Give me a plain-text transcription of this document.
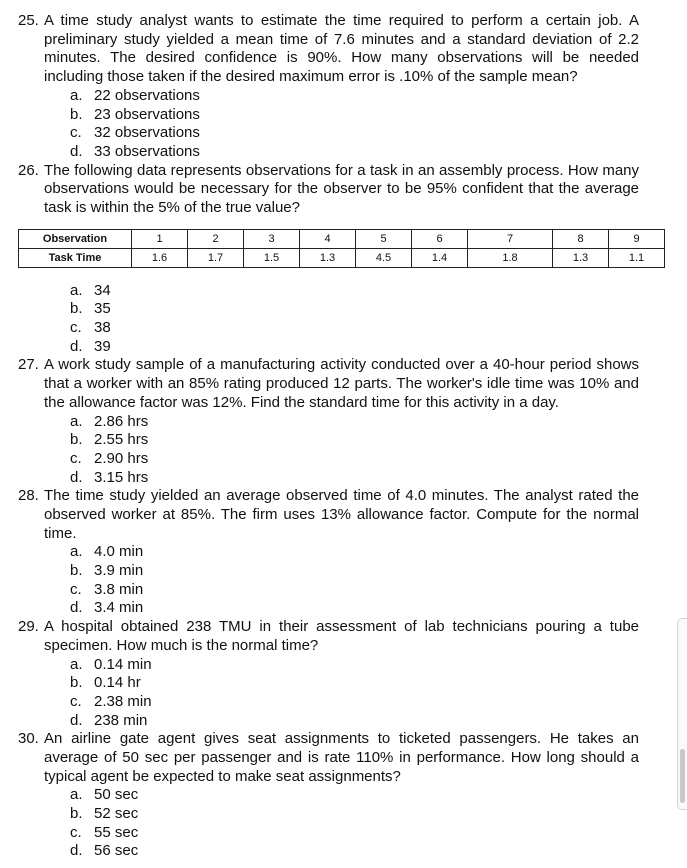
25. A time study analyst wants to estimate the time required to perform a certain job. A preliminary study yielded a mean time of 7.6 minutes and a standard deviation of 2.2 minutes. The desired confidence is 90%. How many observations will be needed including those taken if the desired maximum error is .10% of the sample mean?
a. 22 observations
b. 23 observations
c. 32 observations
d. 33 observations
26. The following data represents observations for a task in an assembly process. How many observations would be necessary for the observer to be 95% confident that the average task is within the 5% of the true value?
Observation	1	2	3	4	5	6	7	8	9
Task Time	1.6	1.7	1.5	1.3	4.5	1.4	1.8	1.3	1.1
a. 34
b. 35
c. 38
d. 39
27. A work study sample of a manufacturing activity conducted over a 40-hour period shows that a worker with an 85% rating produced 12 parts. The worker's idle time was 10% and the allowance factor was 12%. Find the standard time for this activity in a day.
a. 2.86 hrs
b. 2.55 hrs
c. 2.90 hrs
d. 3.15 hrs
28. The time study yielded an average observed time of 4.0 minutes. The analyst rated the observed worker at 85%. The firm uses 13% allowance factor. Compute for the normal time.
a. 4.0 min
b. 3.9 min
c. 3.8 min
d. 3.4 min
29. A hospital obtained 238 TMU in their assessment of lab technicians pouring a tube specimen. How much is the normal time?
a. 0.14 min
b. 0.14 hr
c. 2.38 min
d. 238 min
30. An airline gate agent gives seat assignments to ticketed passengers. He takes an average of 50 sec per passenger and is rate 110% in performance. How long should a typical agent be expected to make seat assignments?
a. 50 sec
b. 52 sec
c. 55 sec
d. 56 sec
